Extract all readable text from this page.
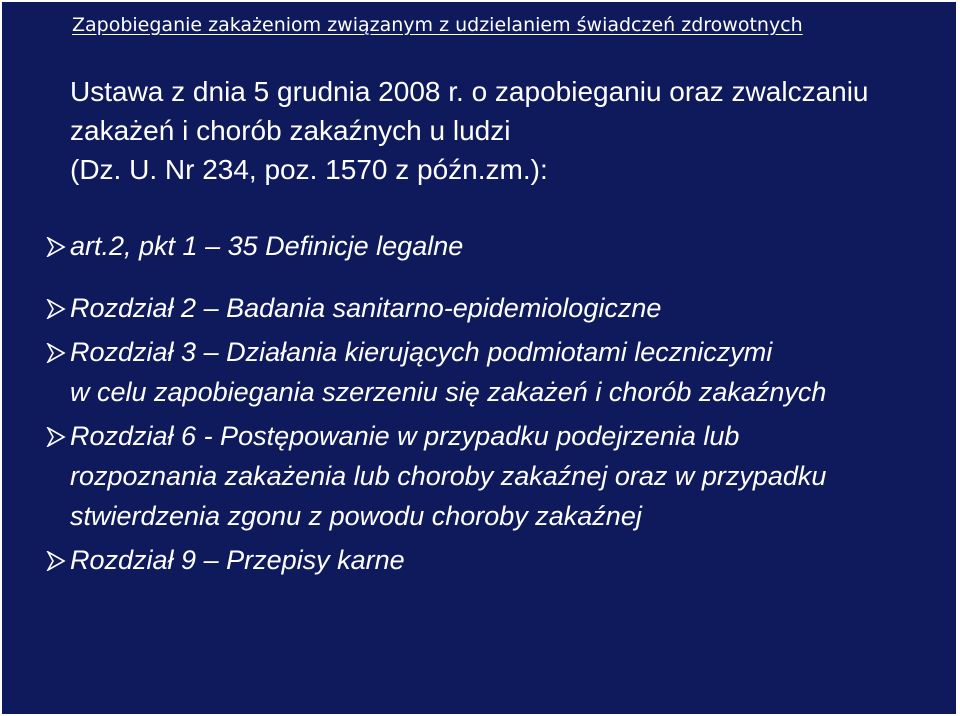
Zapobieganie zakażeniom związanym z udzielaniem świadczeń zdrowotnych
Ustawa z dnia 5 grudnia 2008 r. o zapobieganiu oraz zwalczaniu
zakażeń i chorób zakaźnych u ludzi
(Dz. U. Nr 234, poz. 1570 z późn.zm.):
art.2, pkt 1 – 35 Definicje legalne
Rozdział 2 – Badania sanitarno-epidemiologiczne
Rozdział 3 – Działania kierujących podmiotami leczniczymi
w celu zapobiegania szerzeniu się zakażeń i chorób zakaźnych
Rozdział 6 - Postępowanie w przypadku podejrzenia lub
rozpoznania zakażenia lub choroby zakaźnej oraz w przypadku
stwierdzenia zgonu z powodu choroby zakaźnej
Rozdział 9 – Przepisy karne
